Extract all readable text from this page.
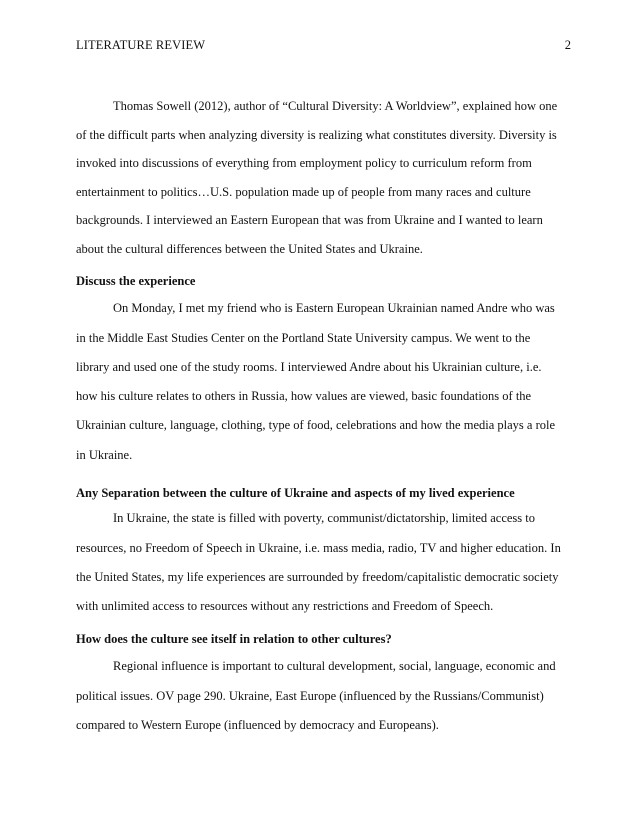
LITERATURE REVIEW	2
Thomas Sowell (2012), author of “Cultural Diversity: A Worldview”, explained how one
of the difficult parts when analyzing diversity is realizing what constitutes diversity. Diversity is
invoked into discussions of everything from employment policy to curriculum reform from
entertainment to politics…U.S. population made up of people from many races and culture
backgrounds. I interviewed an Eastern European that was from Ukraine and I wanted to learn
about the cultural differences between the United States and Ukraine.
Discuss the experience
On Monday, I met my friend who is Eastern European Ukrainian named Andre who was
in the Middle East Studies Center on the Portland State University campus. We went to the
library and used one of the study rooms. I interviewed Andre about his Ukrainian culture, i.e.
how his culture relates to others in Russia, how values are viewed, basic foundations of the
Ukrainian culture, language, clothing, type of food, celebrations and how the media plays a role
in Ukraine.
Any Separation between the culture of Ukraine and aspects of my lived experience
In Ukraine, the state is filled with poverty, communist/dictatorship, limited access to
resources, no Freedom of Speech in Ukraine, i.e. mass media, radio, TV and higher education. In
the United States, my life experiences are surrounded by freedom/capitalistic democratic society
with unlimited access to resources without any restrictions and Freedom of Speech.
How does the culture see itself in relation to other cultures?
Regional influence is important to cultural development, social, language, economic and
political issues. OV page 290. Ukraine, East Europe (influenced by the Russians/Communist)
compared to Western Europe (influenced by democracy and Europeans).
